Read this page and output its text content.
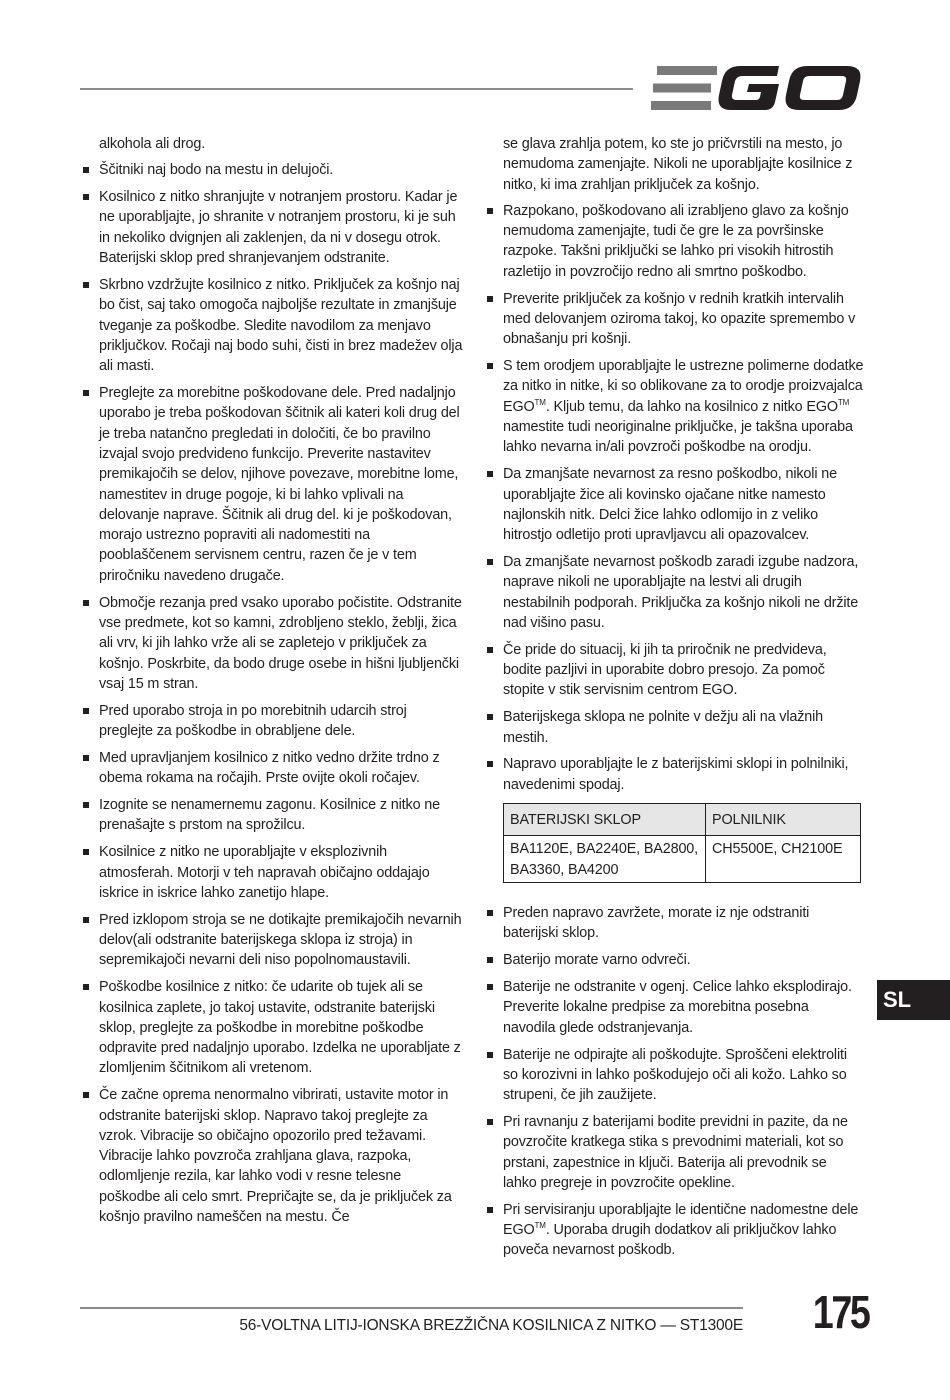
alkohola ali drog.
Ščitniki naj bodo na mestu in delujoči.
Kosilnico z nitko shranjujte v notranjem prostoru. Kadar je ne uporabljajte, jo shranite v notranjem prostoru, ki je suh in nekoliko dvignjen ali zaklenjen, da ni v dosegu otrok. Baterijski sklop pred shranjevanjem odstranite.
Skrbno vzdržujte kosilnico z nitko. Priključek za košnjo naj bo čist, saj tako omogoča najboljše rezultate in zmanjšuje tveganje za poškodbe. Sledite navodilom za menjavo priključkov. Ročaji naj bodo suhi, čisti in brez madežev olja ali masti.
Preglejte za morebitne poškodovane dele. Pred nadaljnjo uporabo je treba poškodovan ščitnik ali kateri koli drug del je treba natančno pregledati in določiti, če bo pravilno izvajal svojo predvideno funkcijo. Preverite nastavitev premikajočih se delov, njihove povezave, morebitne lome, namestitev in druge pogoje, ki bi lahko vplivali na delovanje naprave. Ščitnik ali drug del. ki je poškodovan, morajo ustrezno popraviti ali nadomestiti na pooblaščenem servisnem centru, razen če je v tem priročniku navedeno drugače.
Območje rezanja pred vsako uporabo počistite. Odstranite vse predmete, kot so kamni, zdrobljeno steklo, žeblji, žica ali vrv, ki jih lahko vrže ali se zapletejo v priključek za košnjo. Poskrbite, da bodo druge osebe in hišni ljubljenčki vsaj 15 m stran.
Pred uporabo stroja in po morebitnih udarcih stroj preglejte za poškodbe in obrabljene dele.
Med upravljanjem kosilnico z nitko vedno držite trdno z obema rokama na ročajih. Prste ovijte okoli ročajev.
Izognite se nenamernemu zagonu. Kosilnice z nitko ne prenašajte s prstom na sprožilcu.
Kosilnice z nitko ne uporabljajte v eksplozivnih atmosferah. Motorji v teh napravah običajno oddajajo iskrice in iskrice lahko zanetijo hlape.
Pred izklopom stroja se ne dotikajte premikajočih nevarnih delov(ali odstranite baterijskega sklopa iz stroja) in sepremikajoči nevarni deli niso popolnomaustavili.
Poškodbe kosilnice z nitko: če udarite ob tujek ali se kosilnica zaplete, jo takoj ustavite, odstranite baterijski sklop, preglejte za poškodbe in morebitne poškodbe odpravite pred nadaljnjo uporabo. Izdelka ne uporabljate z zlomljenim ščitnikom ali vretenom.
Če začne oprema nenormalno vibrirati, ustavite motor in odstranite baterijski sklop. Napravo takoj preglejte za vzrok. Vibracije so običajno opozorilo pred težavami. Vibracije lahko povzroča zrahljana glava, razpoka, odlomljenje rezila, kar lahko vodi v resne telesne poškodbe ali celo smrt. Prepričajte se, da je priključek za košnjo pravilno nameščen na mestu. Če
se glava zrahlja potem, ko ste jo pričvrstili na mesto, jo nemudoma zamenjajte. Nikoli ne uporabljajte kosilnice z nitko, ki ima zrahljan priključek za košnjo.
Razpokano, poškodovano ali izrabljeno glavo za košnjo nemudoma zamenjajte, tudi če gre le za površinske razpoke. Takšni priključki se lahko pri visokih hitrostih razletijo in povzročijo redno ali smrtno poškodbo.
Preverite priključek za košnjo v rednih kratkih intervalih med delovanjem oziroma takoj, ko opazite spremembo v obnašanju pri košnji.
S tem orodjem uporabljajte le ustrezne polimerne dodatke za nitko in nitke, ki so oblikovane za to orodje proizvajalca EGO™. Kljub temu, da lahko na kosilnico z nitko EGO™ namestite tudi neoriginalne priključke, je takšna uporaba lahko nevarna in/ali povzroči poškodbe na orodju.
Da zmanjšate nevarnost za resno poškodbo, nikoli ne uporabljajte žice ali kovinsko ojačane nitke namesto najlonskih nitk. Delci žice lahko odlomijo in z veliko hitrostjo odletijo proti upravljavcu ali opazovalcev.
Da zmanjšate nevarnost poškodb zaradi izgube nadzora, naprave nikoli ne uporabljajte na lestvi ali drugih nestabilnih podporah. Priključka za košnjo nikoli ne držite nad višino pasu.
Če pride do situacij, ki jih ta priročnik ne predvideva, bodite pazljivi in uporabite dobro presojo. Za pomoč stopite v stik servisnim centrom EGO.
Baterijskega sklopa ne polnite v dežju ali na vlažnih mestih.
Napravo uporabljajte le z baterijskimi sklopi in polnilniki, navedenimi spodaj.
BATERIJSKI SKLOP	POLNILNIK
BA1120E, BA2240E, BA2800, BA3360, BA4200	CH5500E, CH2100E
Preden napravo zavržete, morate iz nje odstraniti baterijski sklop.
Baterijo morate varno odvreči.
Baterije ne odstranite v ogenj. Celice lahko eksplodirajo. Preverite lokalne predpise za morebitna posebna navodila glede odstranjevanja.
Baterije ne odpirajte ali poškodujte. Sproščeni elektroliti so korozivni in lahko poškodujejo oči ali kožo. Lahko so strupeni, če jih zaužijete.
Pri ravnanju z baterijami bodite previdni in pazite, da ne povzročite kratkega stika s prevodnimi materiali, kot so prstani, zapestnice in ključi. Baterija ali prevodnik se lahko pregreje in povzročite opekline.
Pri servisiranju uporabljajte le identične nadomestne dele EGO™. Uporaba drugih dodatkov ali priključkov lahko poveča nevarnost poškodb.
SL
56-VOLTNA LITIJ-IONSKA BREZŽIČNA KOSILNICA Z NITKO — ST1300E 175
